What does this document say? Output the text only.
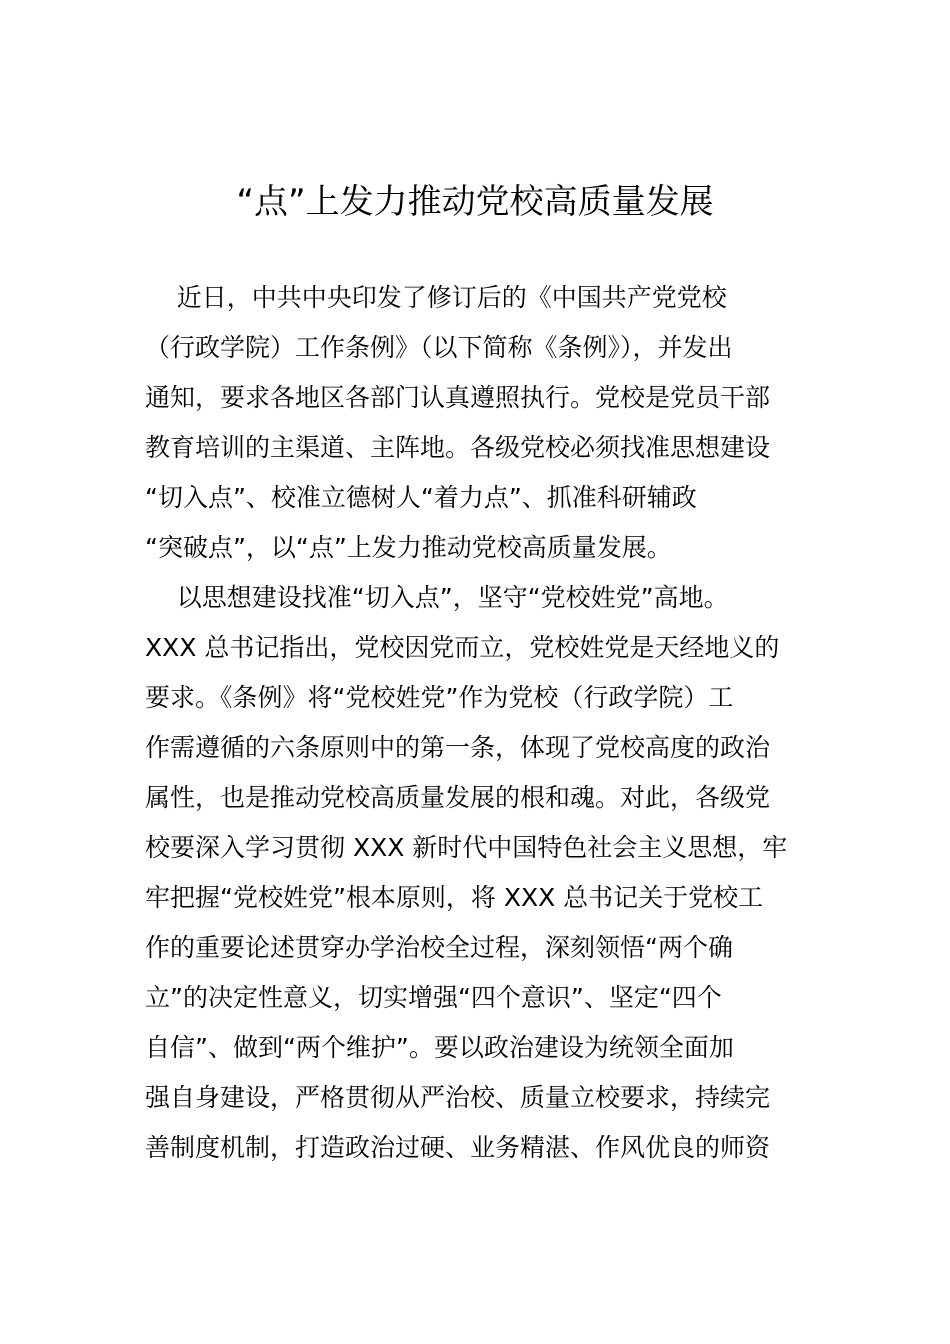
“点”上发力推动党校高质量发展
近日，中共中央印发了修订后的《中国共产党党校
（行政学院）工作条例》（以下简称《条例》），并发出
通知，要求各地区各部门认真遵照执行。党校是党员干部
教育培训的主渠道、主阵地。各级党校必须找准思想建设
“切入点”、校准立德树人“着力点”、抓准科研辅政
“突破点”，以“点”上发力推动党校高质量发展。
以思想建设找准“切入点”，坚守“党校姓党”高地。
XXX 总书记指出，党校因党而立，党校姓党是天经地义的
要求。《条例》将“党校姓党”作为党校（行政学院）工
作需遵循的六条原则中的第一条，体现了党校高度的政治
属性，也是推动党校高质量发展的根和魂。对此，各级党
校要深入学习贯彻 XXX 新时代中国特色社会主义思想，牢
牢把握“党校姓党”根本原则，将 XXX 总书记关于党校工
作的重要论述贯穿办学治校全过程，深刻领悟“两个确
立”的决定性意义，切实增强“四个意识”、坚定“四个
自信”、做到“两个维护”。要以政治建设为统领全面加
强自身建设，严格贯彻从严治校、质量立校要求，持续完
善制度机制，打造政治过硬、业务精湛、作风优良的师资
